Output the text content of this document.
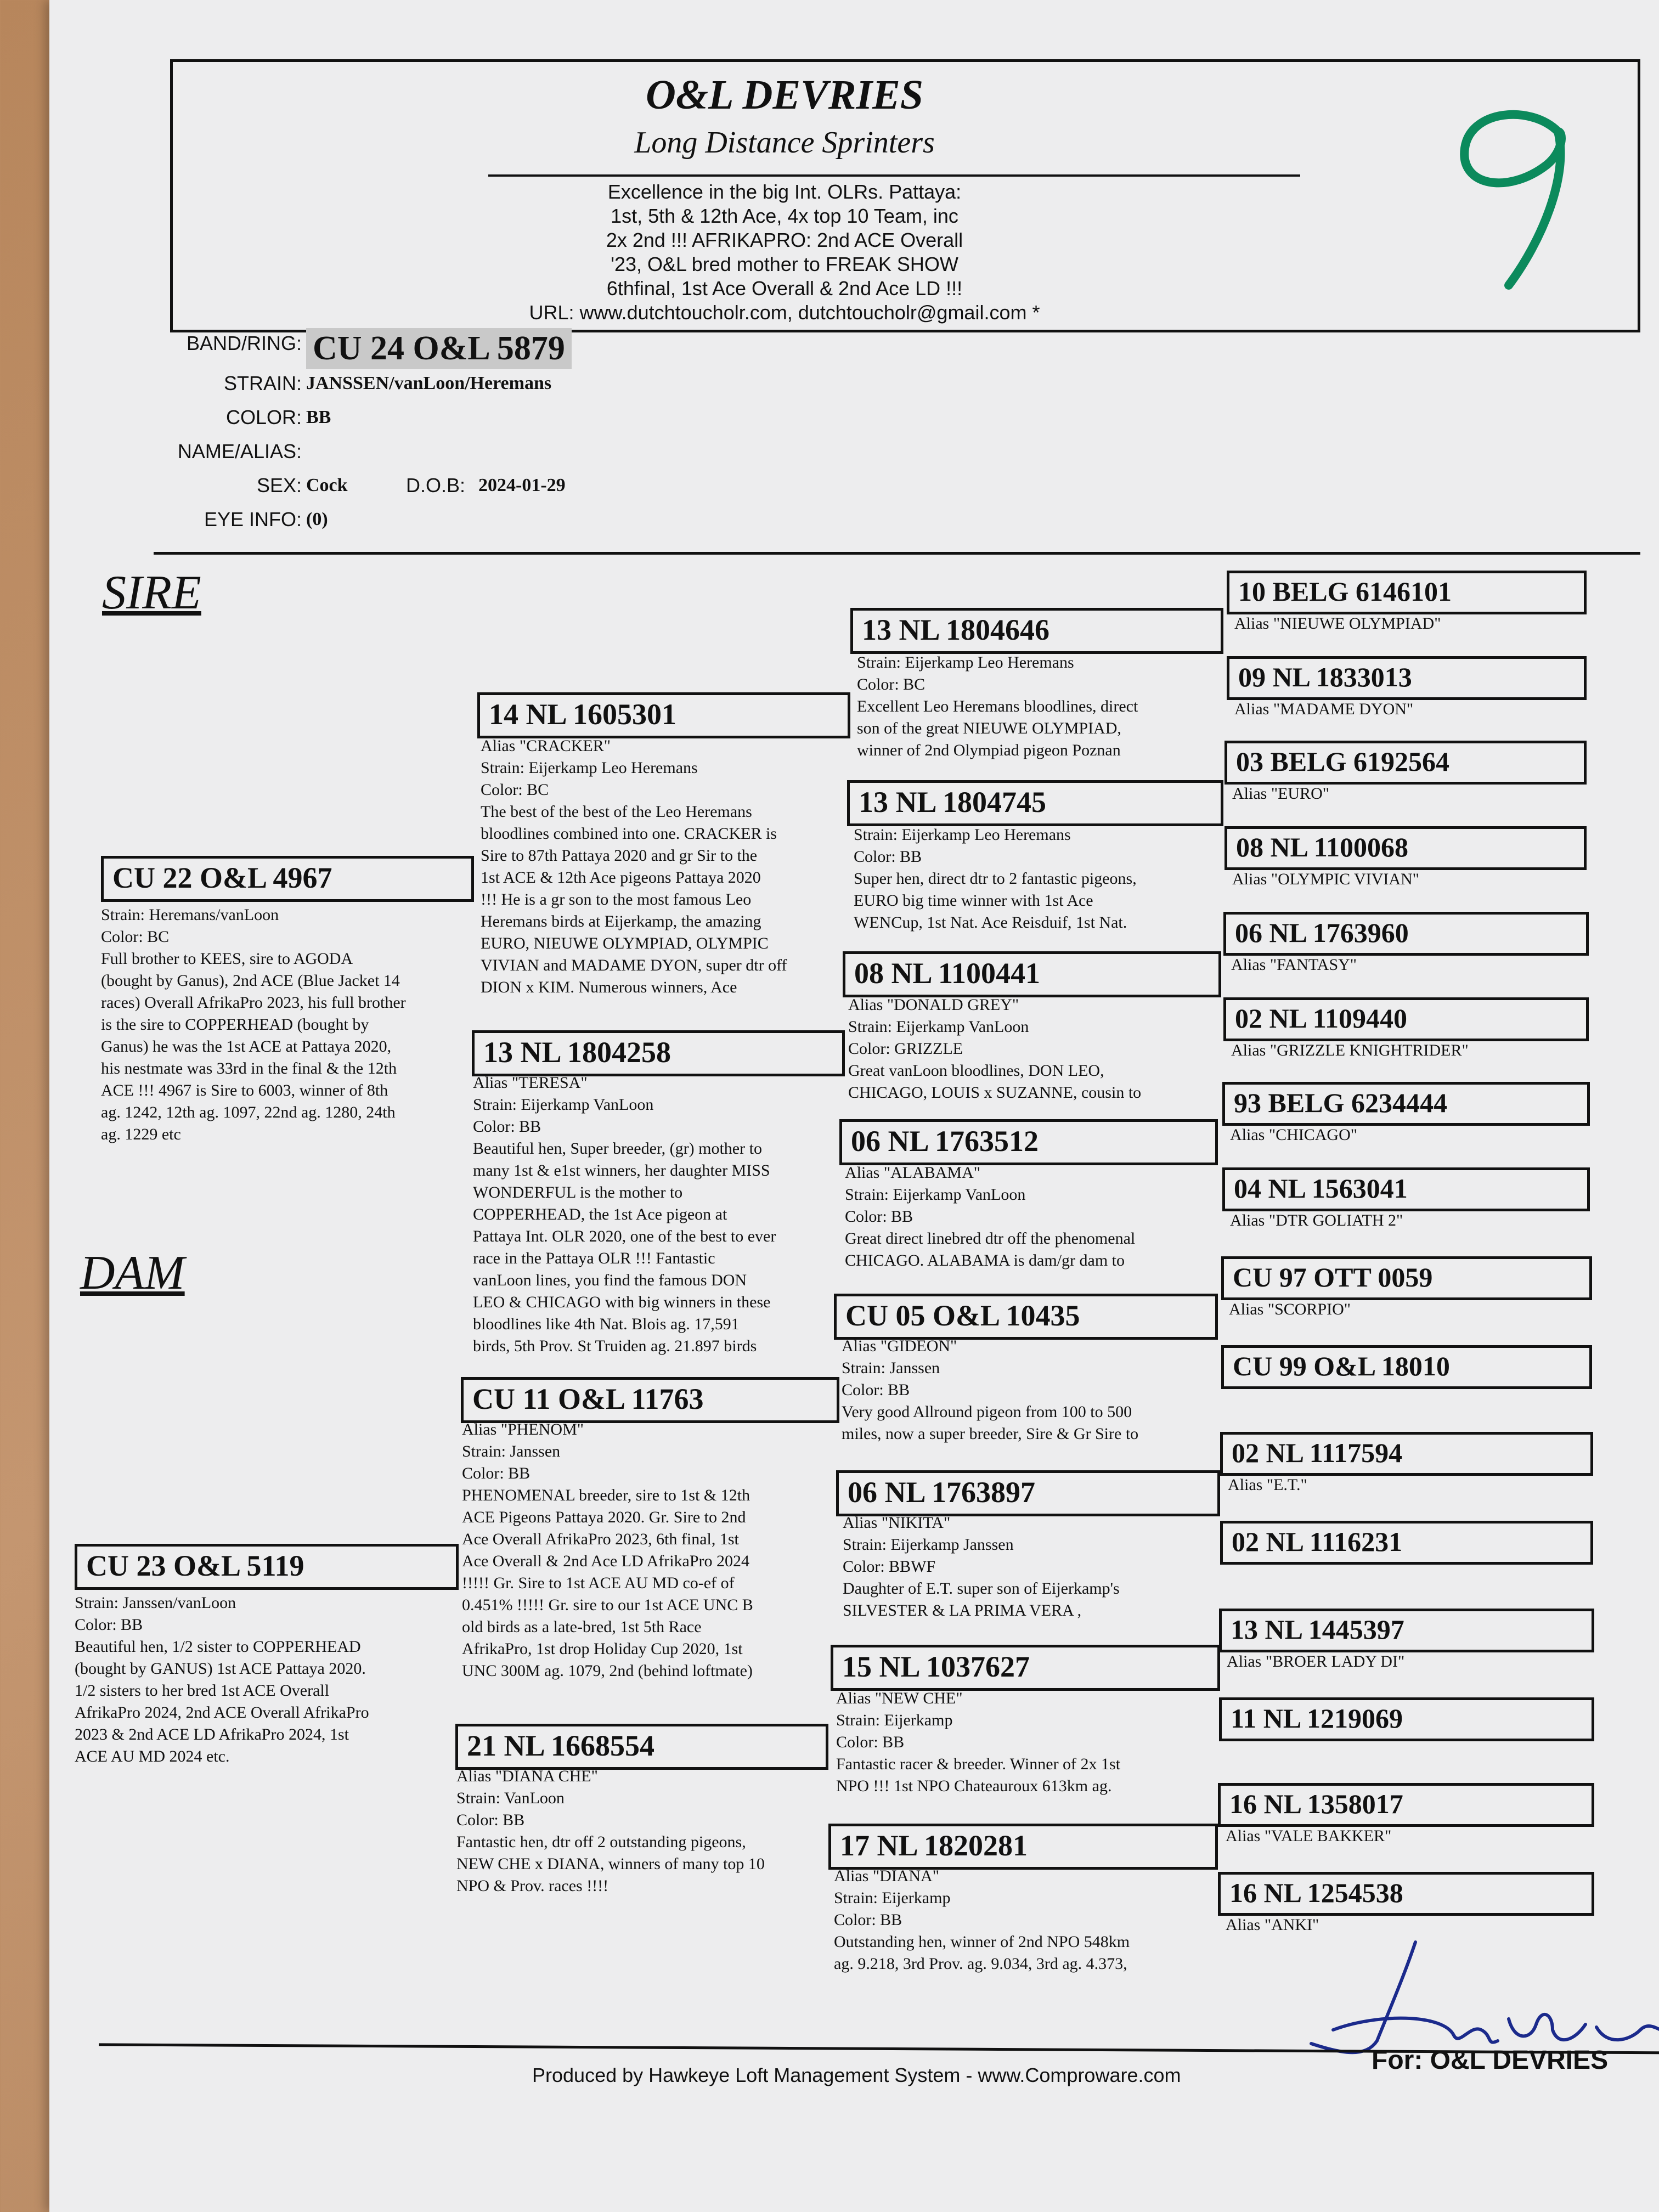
O&L DEVRIES
Long Distance Sprinters
Excellence in the big Int. OLRs. Pattaya:
1st, 5th & 12th Ace, 4x top 10 Team, inc
2x 2nd !!! AFRIKAPRO: 2nd ACE Overall
'23, O&L bred mother to FREAK SHOW
6thfinal, 1st Ace Overall & 2nd Ace LD !!!
URL: www.dutchtoucholr.com, dutchtoucholr@gmail.com *
BAND/RING: CU 24 O&L 5879
STRAIN: JANSSEN/vanLoon/Heremans
COLOR: BB
NAME/ALIAS:
SEX: Cock	D.O.B: 2024-01-29
EYE INFO: (0)
SIRE
DAM
CU 22 O&L 4967
Strain: Heremans/vanLoon
Color: BC
Full brother to KEES, sire to AGODA
(bought by Ganus), 2nd ACE (Blue Jacket 14
races) Overall AfrikaPro 2023, his full brother
is the sire to COPPERHEAD (bought by
Ganus) he was the 1st ACE at Pattaya 2020,
his nestmate was 33rd in the final & the 12th
ACE !!! 4967 is Sire to 6003, winner of 8th
ag. 1242, 12th ag. 1097, 22nd ag. 1280, 24th
ag. 1229 etc
CU 23 O&L 5119
Strain: Janssen/vanLoon
Color: BB
Beautiful hen, 1/2 sister to COPPERHEAD
(bought by GANUS) 1st ACE Pattaya 2020.
1/2 sisters to her bred 1st ACE Overall
AfrikaPro 2024, 2nd ACE Overall AfrikaPro
2023 & 2nd ACE LD AfrikaPro 2024, 1st
ACE AU MD 2024 etc.
14 NL 1605301
Alias "CRACKER"
Strain: Eijerkamp Leo Heremans
Color: BC
The best of the best of the Leo Heremans
bloodlines combined into one. CRACKER is
Sire to 87th Pattaya 2020 and gr Sir to the
1st ACE & 12th Ace pigeons Pattaya 2020
!!! He is a gr son to the most famous Leo
Heremans birds at Eijerkamp, the amazing
EURO, NIEUWE OLYMPIAD, OLYMPIC
VIVIAN and MADAME DYON, super dtr off
DION x KIM. Numerous winners, Ace
13 NL 1804258
Alias "TERESA"
Strain: Eijerkamp VanLoon
Color: BB
Beautiful hen, Super breeder, (gr) mother to
many 1st & e1st winners, her daughter MISS
WONDERFUL is the mother to
COPPERHEAD, the 1st Ace pigeon at
Pattaya Int. OLR 2020, one of the best to ever
race in the Pattaya OLR !!! Fantastic
vanLoon lines, you find the famous DON
LEO & CHICAGO with big winners in these
bloodlines like 4th Nat. Blois ag. 17,591
birds, 5th Prov. St Truiden ag. 21.897 birds
CU 11 O&L 11763
Alias "PHENOM"
Strain: Janssen
Color: BB
PHENOMENAL breeder, sire to 1st & 12th
ACE Pigeons Pattaya 2020. Gr. Sire to 2nd
Ace Overall AfrikaPro 2023, 6th final, 1st
Ace Overall & 2nd Ace LD AfrikaPro 2024
!!!!! Gr. Sire to 1st ACE AU MD co-ef of
0.451% !!!!! Gr. sire to our 1st ACE UNC B
old birds as a late-bred, 1st 5th Race
AfrikaPro, 1st drop Holiday Cup 2020, 1st
UNC 300M ag. 1079, 2nd (behind loftmate)
21 NL 1668554
Alias "DIANA CHE"
Strain: VanLoon
Color: BB
Fantastic hen, dtr off 2 outstanding pigeons,
NEW CHE x DIANA, winners of many top 10
NPO & Prov. races !!!!
13 NL 1804646
Strain: Eijerkamp Leo Heremans
Color: BC
Excellent Leo Heremans bloodlines, direct
son of the great NIEUWE OLYMPIAD,
winner of 2nd Olympiad pigeon Poznan
13 NL 1804745
Strain: Eijerkamp Leo Heremans
Color: BB
Super hen, direct dtr to 2 fantastic pigeons,
EURO big time winner with 1st Ace
WENCup, 1st Nat. Ace Reisduif, 1st Nat.
08 NL 1100441
Alias "DONALD GREY"
Strain: Eijerkamp VanLoon
Color: GRIZZLE
Great vanLoon bloodlines, DON LEO,
CHICAGO, LOUIS x SUZANNE, cousin to
06 NL 1763512
Alias "ALABAMA"
Strain: Eijerkamp VanLoon
Color: BB
Great direct linebred dtr off the phenomenal
CHICAGO. ALABAMA is dam/gr dam to
CU 05 O&L 10435
Alias "GIDEON"
Strain: Janssen
Color: BB
Very good Allround pigeon from 100 to 500
miles, now a super breeder, Sire & Gr Sire to
06 NL 1763897
Alias "NIKITA"
Strain: Eijerkamp Janssen
Color: BBWF
Daughter of E.T. super son of Eijerkamp's
SILVESTER & LA PRIMA VERA ,
15 NL 1037627
Alias "NEW CHE"
Strain: Eijerkamp
Color: BB
Fantastic racer & breeder. Winner of 2x 1st
NPO !!! 1st NPO Chateauroux 613km ag.
17 NL 1820281
Alias "DIANA"
Strain: Eijerkamp
Color: BB
Outstanding hen, winner of 2nd NPO 548km
ag. 9.218, 3rd Prov. ag. 9.034, 3rd ag. 4.373,
10 BELG 6146101
Alias "NIEUWE OLYMPIAD"
09 NL 1833013
Alias "MADAME DYON"
03 BELG 6192564
Alias "EURO"
08 NL 1100068
Alias "OLYMPIC VIVIAN"
06 NL 1763960
Alias "FANTASY"
02 NL 1109440
Alias "GRIZZLE KNIGHTRIDER"
93 BELG 6234444
Alias "CHICAGO"
04 NL 1563041
Alias "DTR GOLIATH 2"
CU 97 OTT 0059
Alias "SCORPIO"
CU 99 O&L 18010
02 NL 1117594
Alias "E.T."
02 NL 1116231
13 NL 1445397
Alias "BROER LADY DI"
11 NL 1219069
16 NL 1358017
Alias "VALE BAKKER"
16 NL 1254538
Alias "ANKI"
Produced by Hawkeye Loft Management System - www.Comproware.com
For: O&L DEVRIES
